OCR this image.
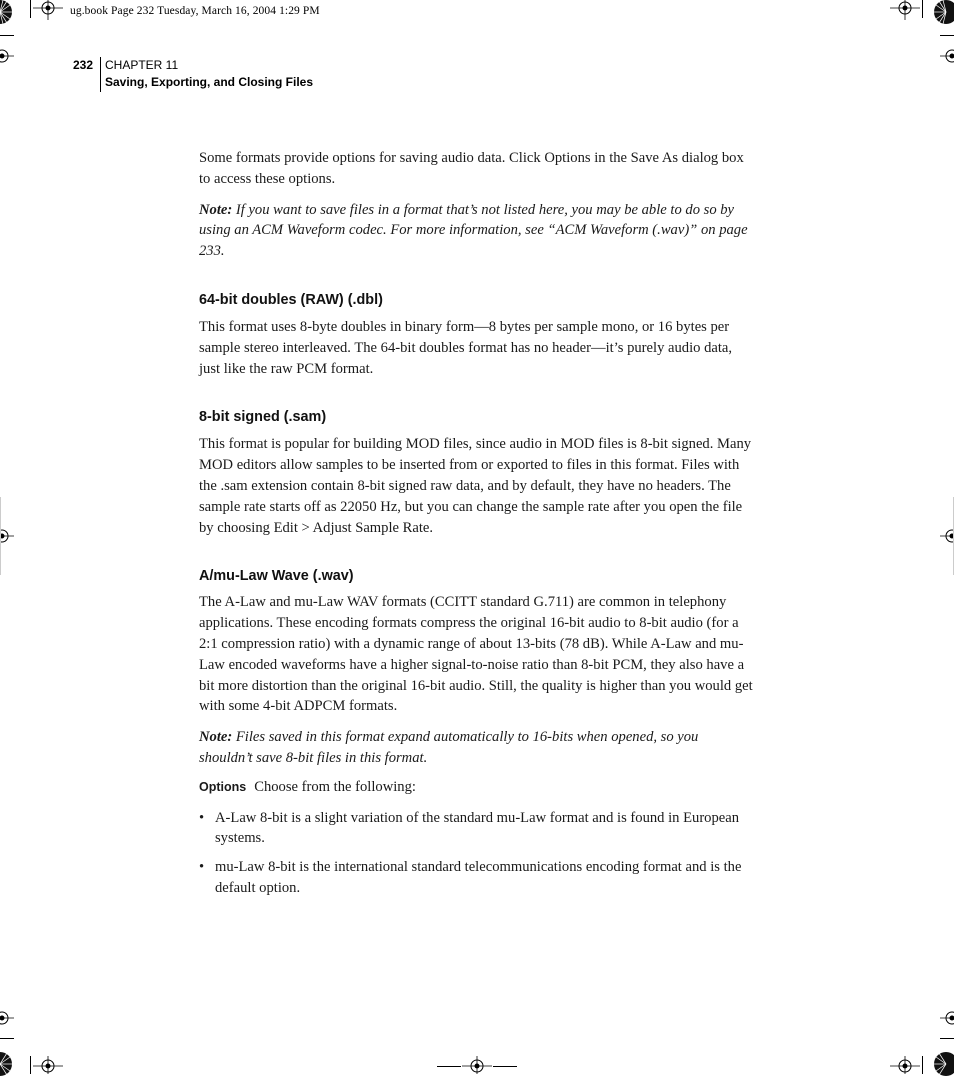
ug.book Page 232 Tuesday, March 16, 2004 1:29 PM
232 CHAPTER 11
Saving, Exporting, and Closing Files

Some formats provide options for saving audio data. Click Options in the Save As dialog box to access these options.

Note: If you want to save files in a format that’s not listed here, you may be able to do so by using an ACM Waveform codec. For more information, see “ACM Waveform (.wav)” on page 233.

64-bit doubles (RAW) (.dbl)

This format uses 8-byte doubles in binary form—8 bytes per sample mono, or 16 bytes per sample stereo interleaved. The 64-bit doubles format has no header—it’s purely audio data, just like the raw PCM format.

8-bit signed (.sam)

This format is popular for building MOD files, since audio in MOD files is 8-bit signed. Many MOD editors allow samples to be inserted from or exported to files in this format. Files with the .sam extension contain 8-bit signed raw data, and by default, they have no headers. The sample rate starts off as 22050 Hz, but you can change the sample rate after you open the file by choosing Edit > Adjust Sample Rate.

A/mu-Law Wave (.wav)

The A-Law and mu-Law WAV formats (CCITT standard G.711) are common in telephony applications. These encoding formats compress the original 16-bit audio to 8-bit audio (for a 2:1 compression ratio) with a dynamic range of about 13-bits (78 dB). While A-Law and mu-Law encoded waveforms have a higher signal-to-noise ratio than 8-bit PCM, they also have a bit more distortion than the original 16-bit audio. Still, the quality is higher than you would get with some 4-bit ADPCM formats.

Note: Files saved in this format expand automatically to 16-bits when opened, so you shouldn’t save 8-bit files in this format.

Options Choose from the following:

• A-Law 8-bit is a slight variation of the standard mu-Law format and is found in European systems.
• mu-Law 8-bit is the international standard telecommunications encoding format and is the default option.
